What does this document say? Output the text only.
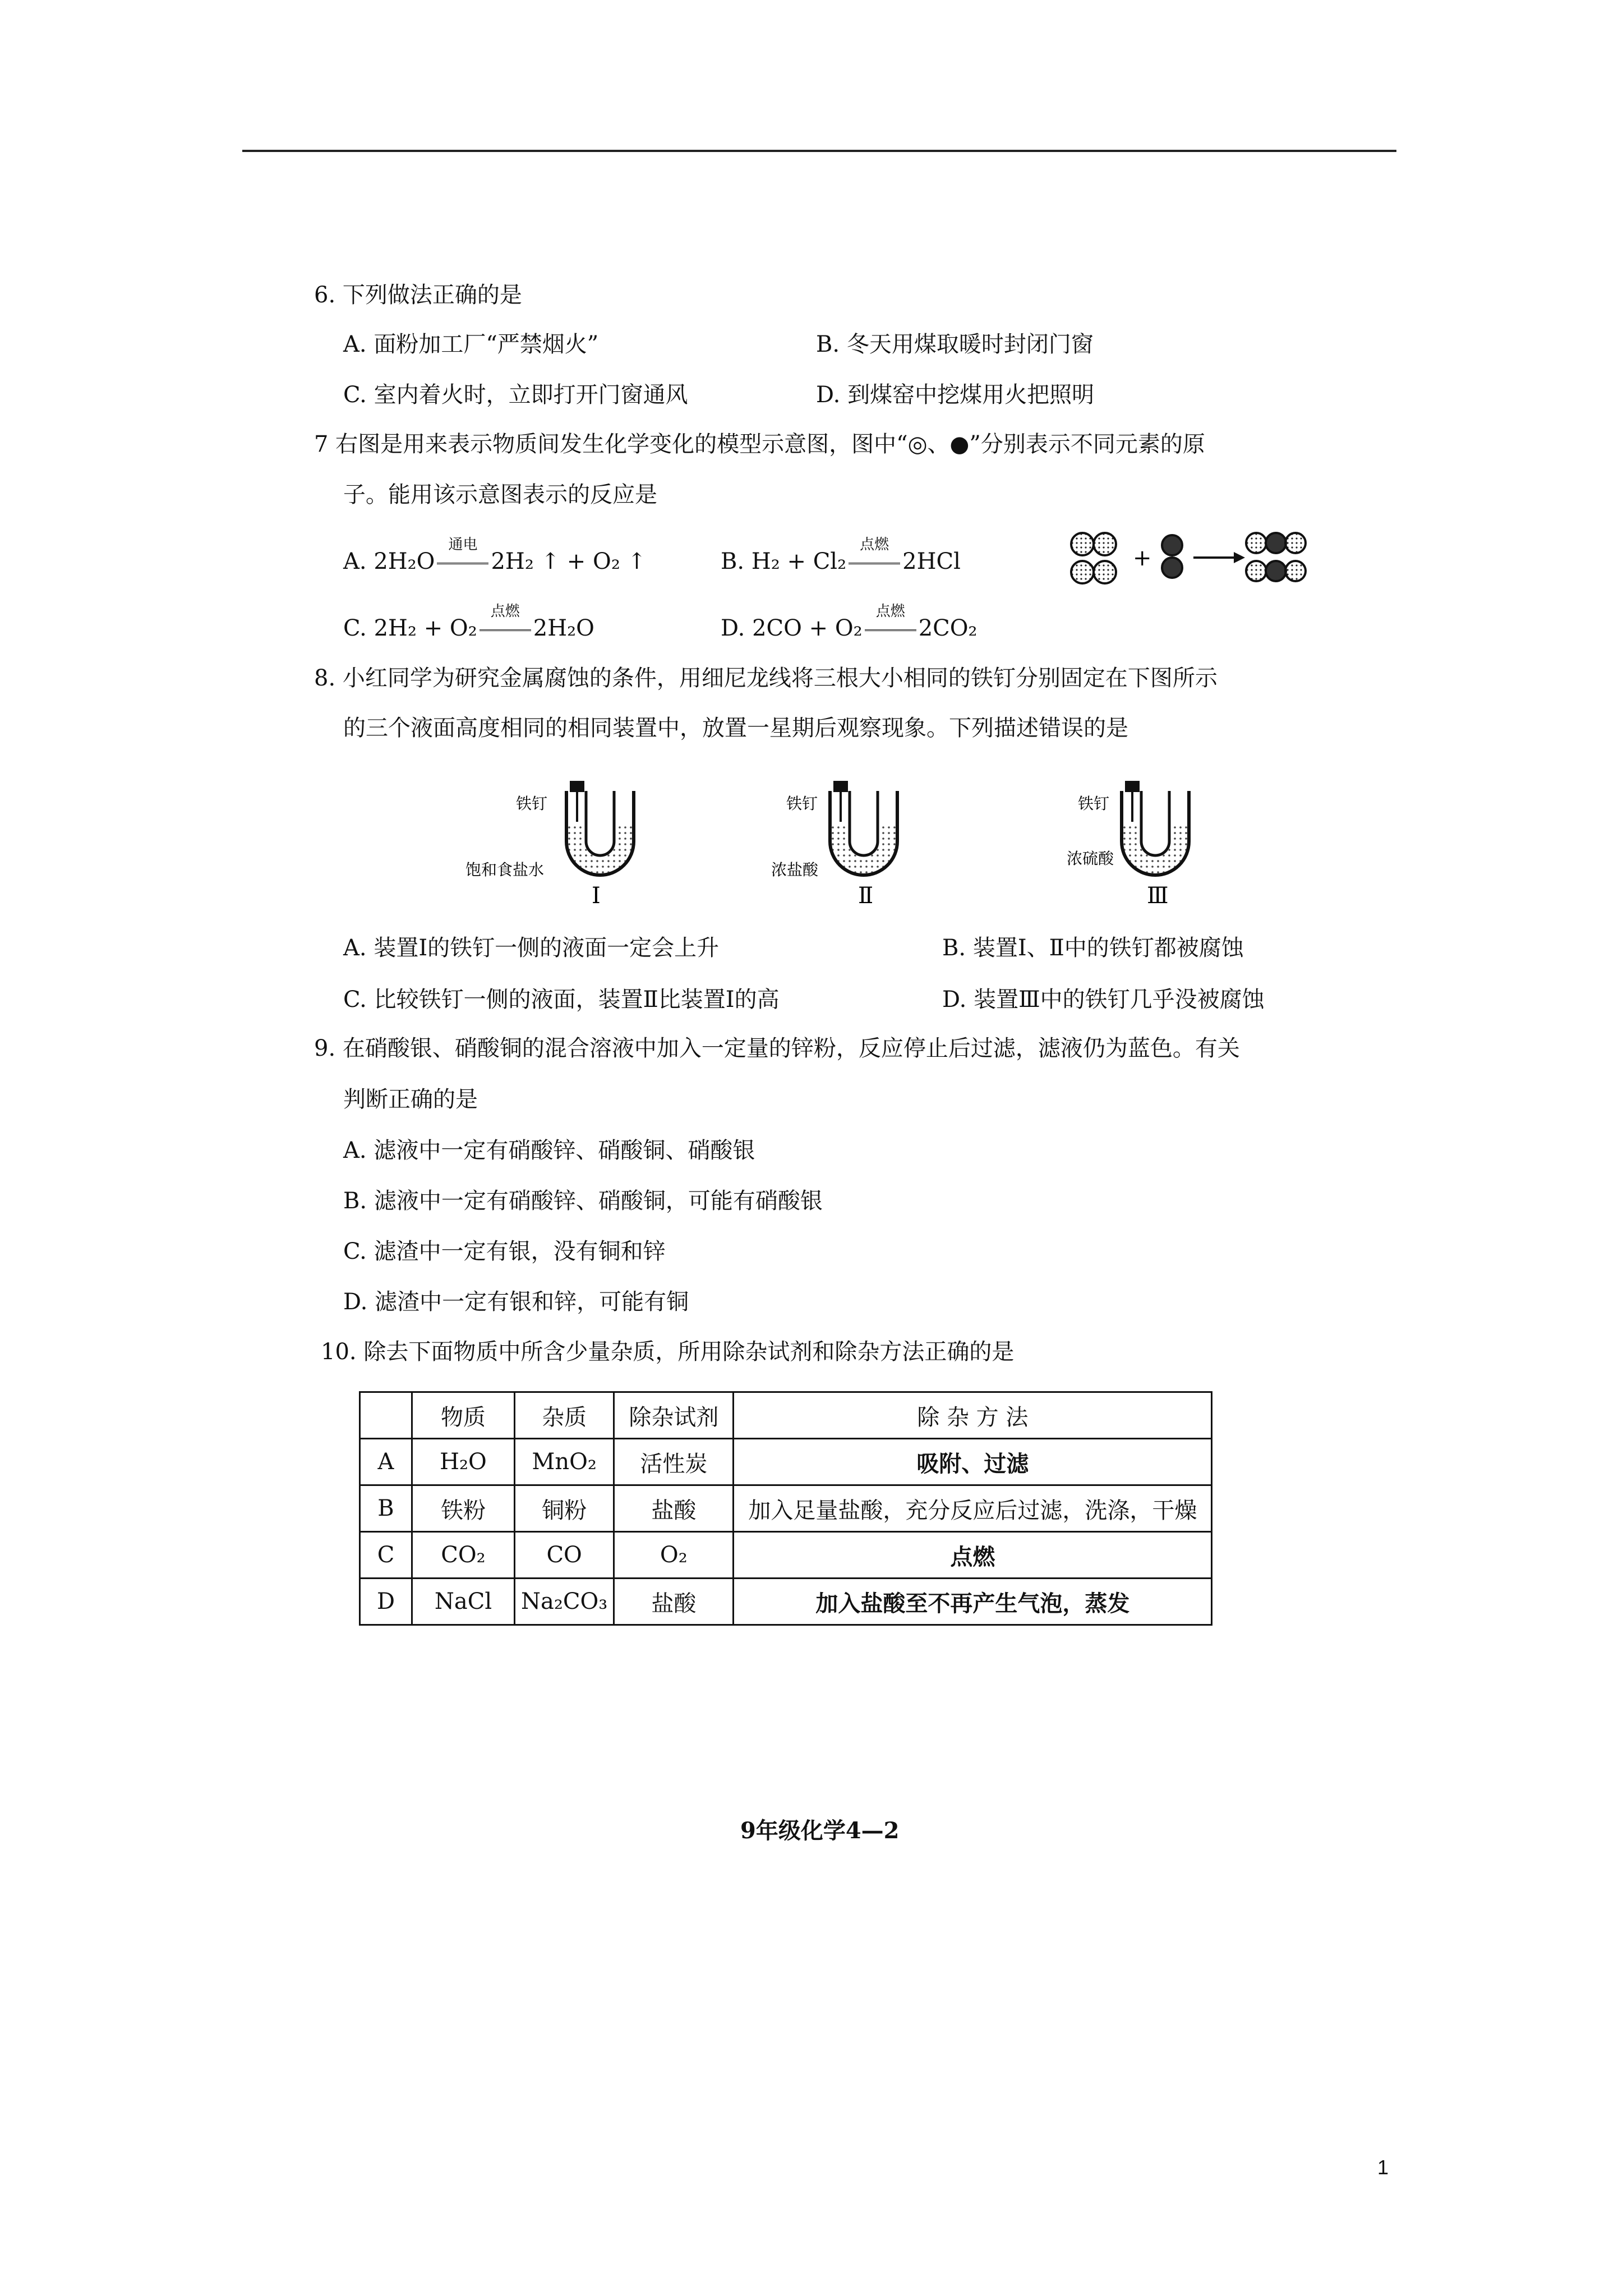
6. 下列做法正确的是
A. 面粉加工厂“严禁烟火”	B. 冬天用煤取暖时封闭门窗
C. 室内着火时，立即打开门窗通风	D. 到煤窑中挖煤用火把照明
7 右图是用来表示物质间发生化学变化的模型示意图，图中“◎、●”分别表示不同元素的原
子。能用该示意图表示的反应是
A. 2H₂O
通电
2H₂ ↑ + O₂ ↑	B. H₂ + Cl₂
点燃
2HCl
C. 2H₂ + O₂
点燃
2H₂O	D. 2CO + O₂
点燃
2CO₂
+
8. 小红同学为研究金属腐蚀的条件，用细尼龙线将三根大小相同的铁钉分别固定在下图所示
的三个液面高度相同的相同装置中，放置一星期后观察现象。下列描述错误的是
铁钉
饱和食盐水
Ⅰ
铁钉
浓盐酸
Ⅱ
铁钉
浓硫酸
Ⅲ
A. 装置Ⅰ的铁钉一侧的液面一定会上升	B. 装置Ⅰ、Ⅱ中的铁钉都被腐蚀
C. 比较铁钉一侧的液面，装置Ⅱ比装置Ⅰ的高	D. 装置Ⅲ中的铁钉几乎没被腐蚀
9. 在硝酸银、硝酸铜的混合溶液中加入一定量的锌粉，反应停止后过滤，滤液仍为蓝色。有关
判断正确的是
A. 滤液中一定有硝酸锌、硝酸铜、硝酸银
B. 滤液中一定有硝酸锌、硝酸铜，可能有硝酸银
C. 滤渣中一定有银，没有铜和锌
D. 滤渣中一定有银和锌，可能有铜
10. 除去下面物质中所含少量杂质，所用除杂试剂和除杂方法正确的是
	物质	杂质	除杂试剂	除 杂 方 法
A	H₂O	MnO₂	活性炭	吸附、过滤
B	铁粉	铜粉	盐酸	加入足量盐酸，充分反应后过滤，洗涤，干燥
C	CO₂	CO	O₂	点燃
D	NaCl	Na₂CO₃	盐酸	加入盐酸至不再产生气泡，蒸发
9年级化学4—2
1
